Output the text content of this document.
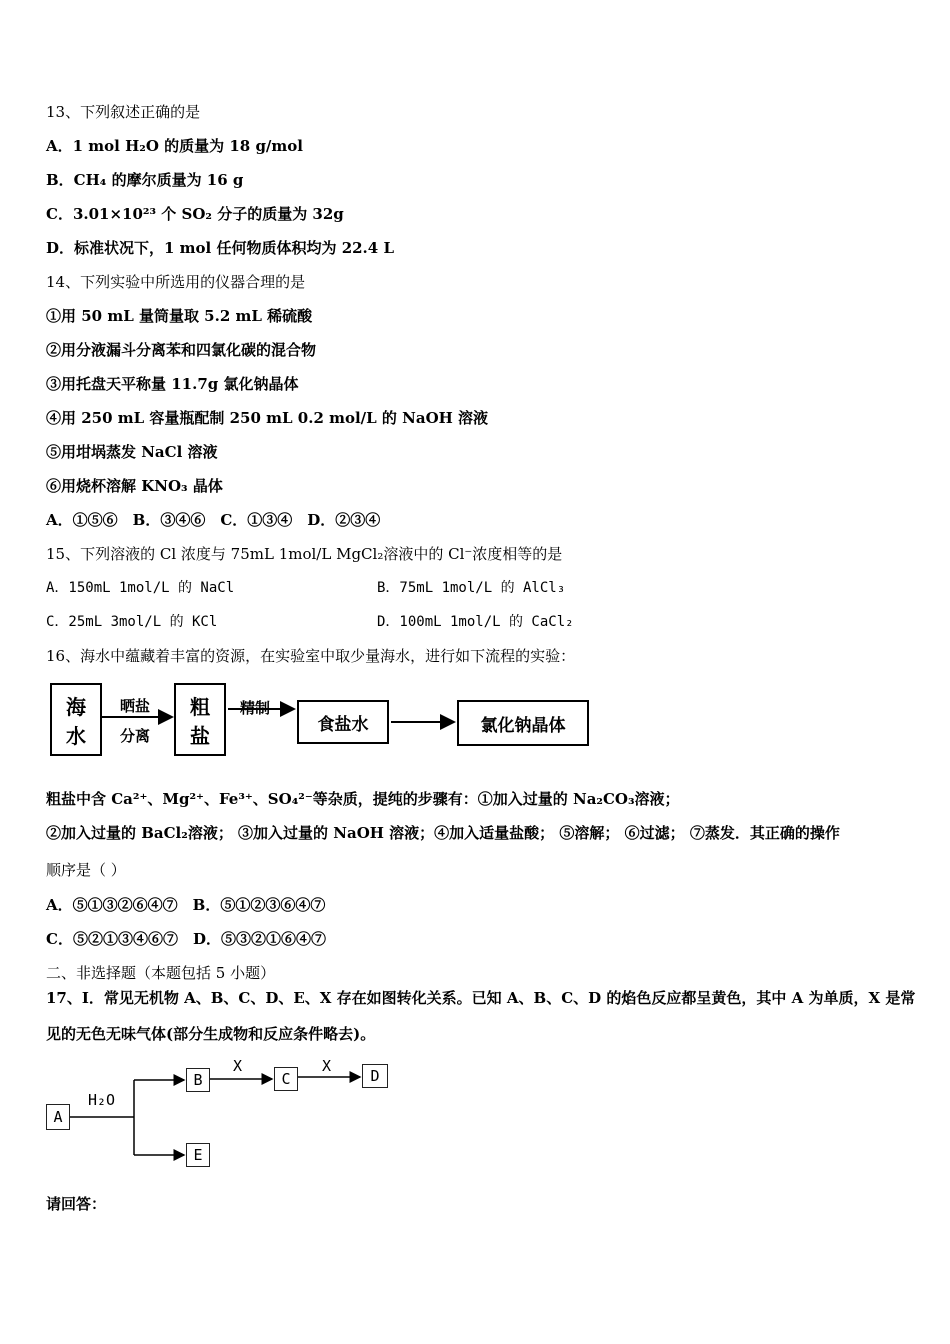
13、下列叙述正确的是
A．1 mol H₂O 的质量为 18 g/mol
B．CH₄ 的摩尔质量为 16 g
C．3.01×10²³ 个 SO₂ 分子的质量为 32g
D．标准状况下，1 mol 任何物质体积均为 22.4 L
14、下列实验中所选用的仪器合理的是
①用 50 mL 量筒量取 5.2 mL 稀硫酸
②用分液漏斗分离苯和四氯化碳的混合物
③用托盘天平称量 11.7g 氯化钠晶体
④用 250 mL 容量瓶配制 250 mL 0.2 mol/L 的 NaOH 溶液
⑤用坩埚蒸发 NaCl 溶液
⑥用烧杯溶解 KNO₃ 晶体
A．①⑤⑥　B．③④⑥　C．①③④　D．②③④
15、下列溶液的 Cl 浓度与 75mL 1mol/L MgCl₂溶液中的 Cl⁻浓度相等的是
A．150mL 1mol/L 的 NaCl	B．75mL 1mol/L 的 AlCl₃
C．25mL 3mol/L 的 KCl	D．100mL 1mol/L 的 CaCl₂
16、海水中蕴藏着丰富的资源，在实验室中取少量海水，进行如下流程的实验：
海
水
晒盐
分离
粗
盐
精制
食盐水	氯化钠晶体
粗盐中含 Ca²⁺、Mg²⁺、Fe³⁺、SO₄²⁻等杂质，提纯的步骤有：①加入过量的 Na₂CO₃溶液；
②加入过量的 BaCl₂溶液； ③加入过量的 NaOH 溶液；④加入适量盐酸； ⑤溶解； ⑥过滤； ⑦蒸发．其正确的操作
顺序是（ ）
A．⑤①③②⑥④⑦　B．⑤①②③⑥④⑦
C．⑤②①③④⑥⑦　D．⑤③②①⑥④⑦
二、非选择题（本题包括 5 小题）
17、I．常见无机物 A、B、C、D、E、X 存在如图转化关系。已知 A、B、C、D 的焰色反应都呈黄色，其中 A 为单质，X 是常
见的无色无味气体(部分生成物和反应条件略去)。
A
H₂O
B
X
C
X
D
E
请回答：
